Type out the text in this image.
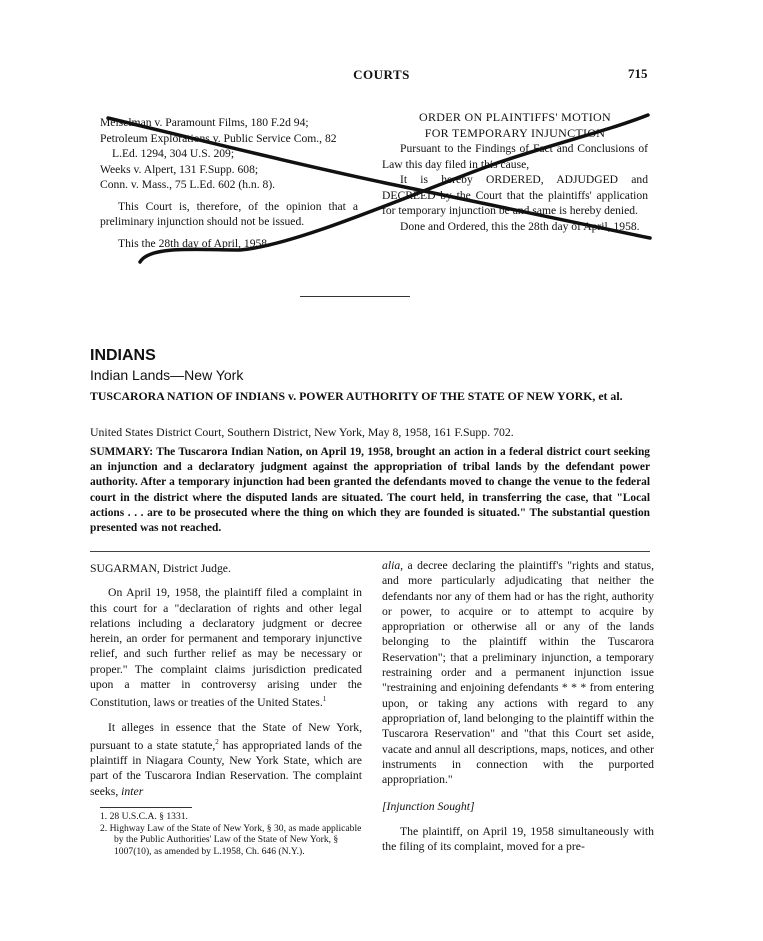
COURTS	715

Meiselman v. Paramount Films, 180 F.2d 94;

Petroleum Explorations v. Public Service Com., 82 L.Ed. 1294, 304 U.S. 209;

Weeks v. Alpert, 131 F.Supp. 608;

Conn. v. Mass., 75 L.Ed. 602 (h.n. 8).

This Court is, therefore, of the opinion that a preliminary injunction should not be issued.

This the 28th day of April, 1958.

ORDER ON PLAINTIFFS' MOTION

FOR TEMPORARY INJUNCTION

Pursuant to the Findings of Fact and Conclusions of Law this day filed in this cause,

It is hereby ORDERED, ADJUDGED and DECREED by the Court that the plaintiffs' application for temporary injunction be and same is hereby denied.

Done and Ordered, this the 28th day of April, 1958.

INDIANS
Indian Lands—New York
TUSCARORA NATION OF INDIANS v. POWER AUTHORITY OF THE STATE OF NEW YORK, et al.
United States District Court, Southern District, New York, May 8, 1958, 161 F.Supp. 702.
SUMMARY: The Tuscarora Indian Nation, on April 19, 1958, brought an action in a federal district court seeking an injunction and a declaratory judgment against the appropriation of tribal lands by the defendant power authority. After a temporary injunction had been granted the defendants moved to change the venue to the federal court in the district where the disputed lands are situated. The court held, in transferring the case, that "Local actions . . . are to be prosecuted where the thing on which they are founded is situated." The substantial question presented was not reached.

SUGARMAN, District Judge.

On April 19, 1958, the plaintiff filed a complaint in this court for a "declaration of rights and other legal relations including a declaratory judgment or decree herein, an order for permanent and temporary injunctive relief, and such further relief as may be necessary or proper." The complaint claims jurisdiction predicated upon a matter in controversy arising under the Constitution, laws or treaties of the United States.$^1$

It alleges in essence that the State of New York, pursuant to a state statute,$^2$ has appropriated lands of the plaintiff in Niagara County, New York State, which are part of the Tuscarora Indian Reservation. The complaint seeks, inter

alia, a decree declaring the plaintiff's "rights and status, and more particularly adjudicating that neither the defendants nor any of them had or has the right, authority or power, to acquire or to attempt to acquire by appropriation or otherwise all or any of the lands belonging to the plaintiff within the Tuscarora Reservation"; that a preliminary injunction, a temporary restraining order and a permanent injunction issue "restraining and enjoining defendants * * * from entering upon, or taking any actions with regard to any appropriation of, land belonging to the plaintiff within the Tuscarora Reservation" and "that this Court set aside, vacate and annul all descriptions, maps, notices, and other instruments in connection with the purported appropriation."

[Injunction Sought]

The plaintiff, on April 19, 1958 simultaneously with the filing of its complaint, moved for a pre-

1. 28 U.S.C.A. § 1331.

2. Highway Law of the State of New York, § 30, as made applicable by the Public Authorities' Law of the State of New York, § 1007(10), as amended by L.1958, Ch. 646 (N.Y.).
